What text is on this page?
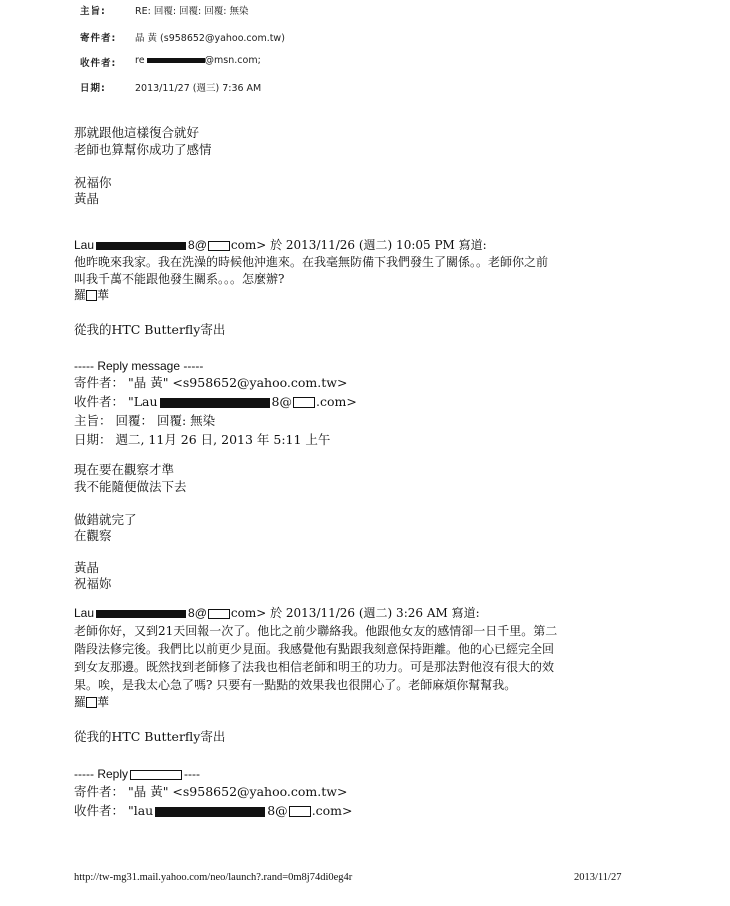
主旨:	RE: 回覆: 回覆: 回覆: 無染
寄件者:	晶 黃 (s958652@yahoo.com.tw)
收件者:	re	@msn.com;
日期:	2013/11/27 (週三) 7:36 AM
那就跟他這樣復合就好
老師也算幫你成功了感情
祝福你
黃晶
Lau	8@ com> 於 2013/11/26 (週二) 10:05 PM 寫道:
他昨晚來我家。我在洗澡的時候他沖進來。在我毫無防備下我們發生了關係。。老師你之前
叫我千萬不能跟他發生關系。。。怎麼辦?
羅 華
從我的HTC Butterfly寄出
----- Reply message -----
寄件者： "晶 黃" <s958652@yahoo.com.tw>
收件者： "Lau	8@ .com>
主旨： 回覆： 回覆: 無染
日期： 週二, 11月 26 日, 2013 年 5:11 上午
現在要在觀察才準
我不能隨便做法下去
做錯就完了
在觀察
黃晶
祝福妳
Lau	8@ com> 於 2013/11/26 (週二) 3:26 AM 寫道:
老師你好，又到21天回報一次了。他比之前少聯絡我。他跟他女友的感情卻一日千里。第二
階段法修完後。我們比以前更少見面。我感覺他有點跟我刻意保持距離。他的心已經完全回
到女友那邊。既然找到老師修了法我也相信老師和明王的功力。可是那法對他沒有很大的效
果。唉，是我太心急了嗎? 只要有一點點的效果我也很開心了。老師麻煩你幫幫我。
羅 華
從我的HTC Butterfly寄出
----- Reply	----
寄件者： "晶 黃" <s958652@yahoo.com.tw>
收件者： "lau	8@ .com>
http://tw-mg31.mail.yahoo.com/neo/launch?.rand=0m8j74di0eg4r	2013/11/27
